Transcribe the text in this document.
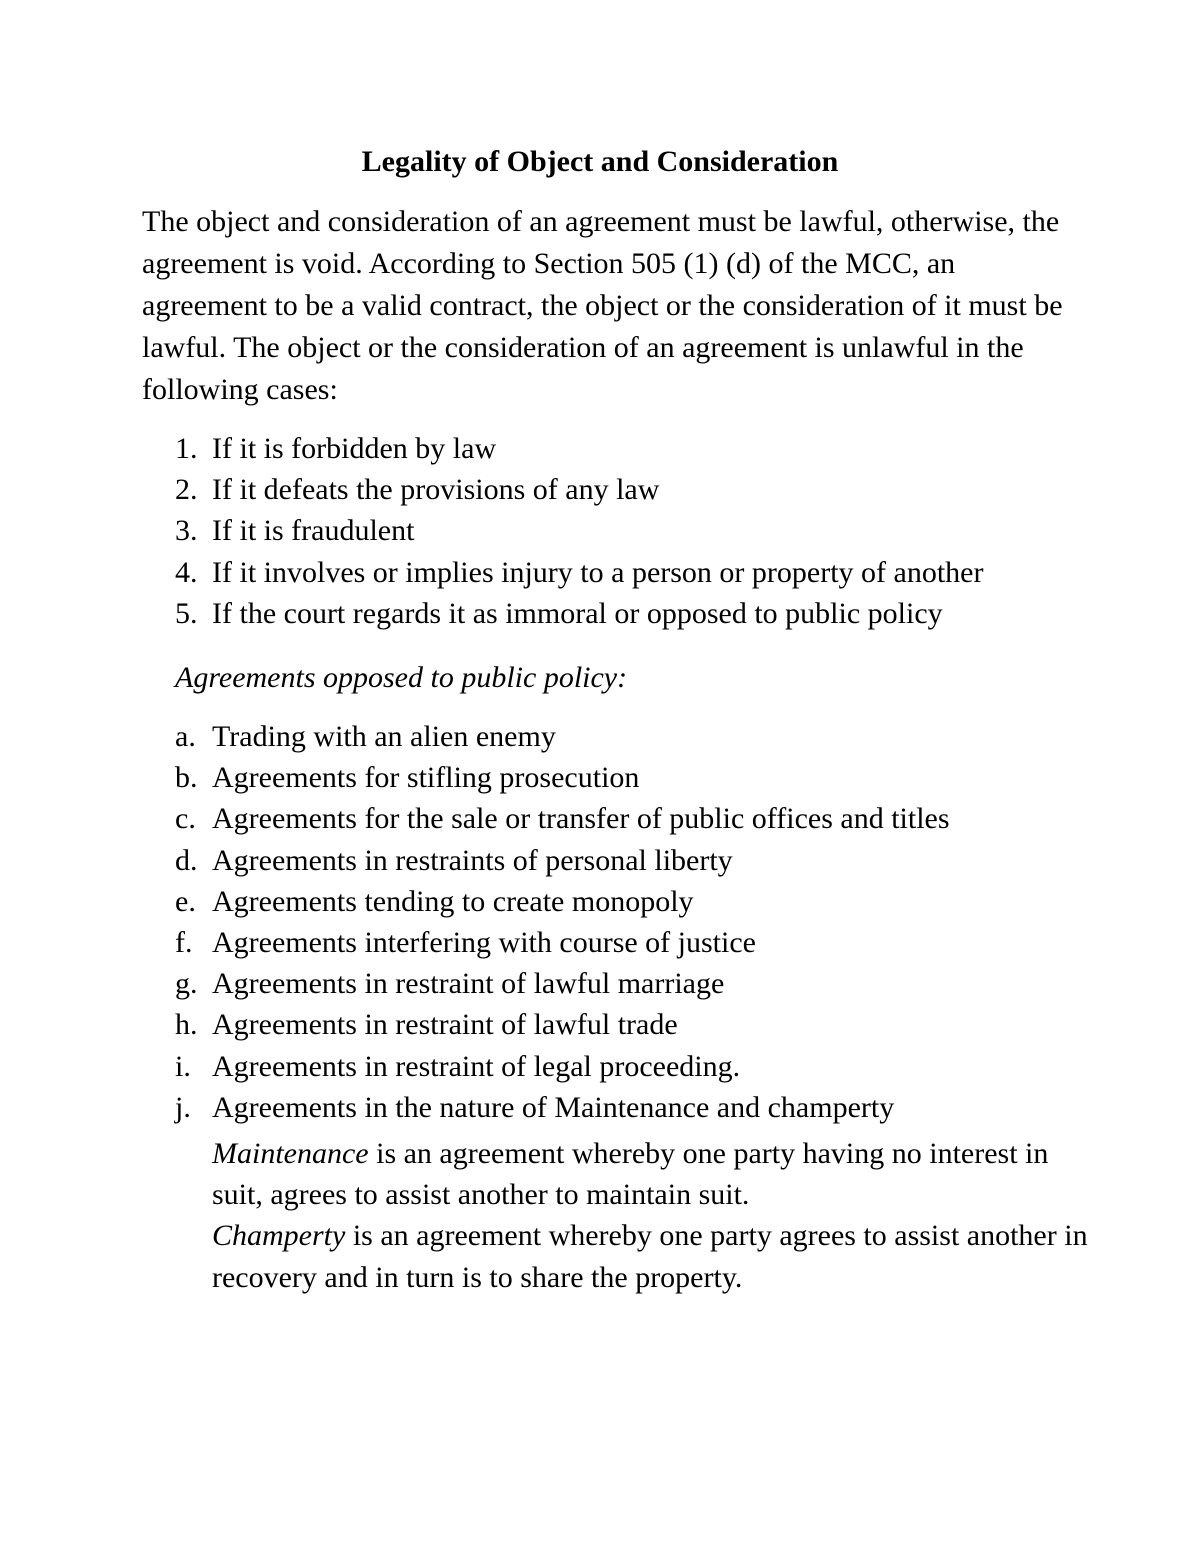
Legality of Object and Consideration

The object and consideration of an agreement must be lawful, otherwise, the agreement is void. According to Section 505 (1) (d) of the MCC, an agreement to be a valid contract, the object or the consideration of it must be lawful. The object or the consideration of an agreement is unlawful in the following cases:

1. If it is forbidden by law
2. If it defeats the provisions of any law
3. If it is fraudulent
4. If it involves or implies injury to a person or property of another
5. If the court regards it as immoral or opposed to public policy
Agreements opposed to public policy:
a. Trading with an alien enemy
b. Agreements for stifling prosecution
c. Agreements for the sale or transfer of public offices and titles
d. Agreements in restraints of personal liberty
e. Agreements tending to create monopoly
f. Agreements interfering with course of justice
g. Agreements in restraint of lawful marriage
h. Agreements in restraint of lawful trade
i. Agreements in restraint of legal proceeding.
j. Agreements in the nature of Maintenance and champerty

Maintenance is an agreement whereby one party having no interest in suit, agrees to assist another to maintain suit.

Champerty is an agreement whereby one party agrees to assist another in recovery and in turn is to share the property.
